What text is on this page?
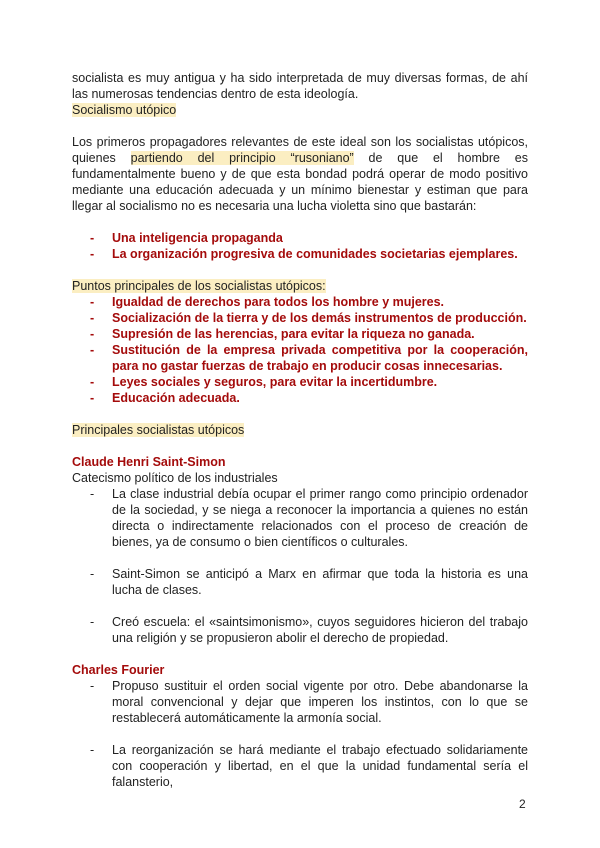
socialista es muy antigua y ha sido interpretada de muy diversas formas, de ahí las numerosas tendencias dentro de esta ideología.

Socialismo utópico

Los primeros propagadores relevantes de este ideal son los socialistas utópicos, quienes partiendo del principio “rusoniano” de que el hombre es fundamentalmente bueno y de que esta bondad podrá operar de modo positivo mediante una educación adecuada y un mínimo bienestar y estiman que para llegar al socialismo no es necesaria una lucha violetta sino que bastarán:

-	Una inteligencia propaganda
-	La organización progresiva de comunidades societarias ejemplares.

Puntos principales de los socialistas utópicos:

-	Igualdad de derechos para todos los hombre y mujeres.
-	Socialización de la tierra y de los demás instrumentos de producción.
-	Supresión de las herencias, para evitar la riqueza no ganada.
-	Sustitución de la empresa privada competitiva por la cooperación, para no gastar fuerzas de trabajo en producir cosas innecesarias.
-	Leyes sociales y seguros, para evitar la incertidumbre.
-	Educación adecuada.

Principales socialistas utópicos

Claude Henri Saint-Simon

Catecismo político de los industriales

-	La clase industrial debía ocupar el primer rango como principio ordenador de la sociedad, y se niega a reconocer la importancia a quienes no están directa o indirectamente relacionados con el proceso de creación de bienes, ya de consumo o bien científicos o culturales.
-	Saint-Simon se anticipó a Marx en afirmar que toda la historia es una lucha de clases.
-	Creó escuela: el «saintsimonismo», cuyos seguidores hicieron del trabajo una religión y se propusieron abolir el derecho de propiedad.

Charles Fourier

-	Propuso sustituir el orden social vigente por otro. Debe abandonarse la moral convencional y dejar que imperen los instintos, con lo que se restablecerá automáticamente la armonía social.
-	La reorganización se hará mediante el trabajo efectuado solidariamente con cooperación y libertad, en el que la unidad fundamental sería el falansterio,
2
